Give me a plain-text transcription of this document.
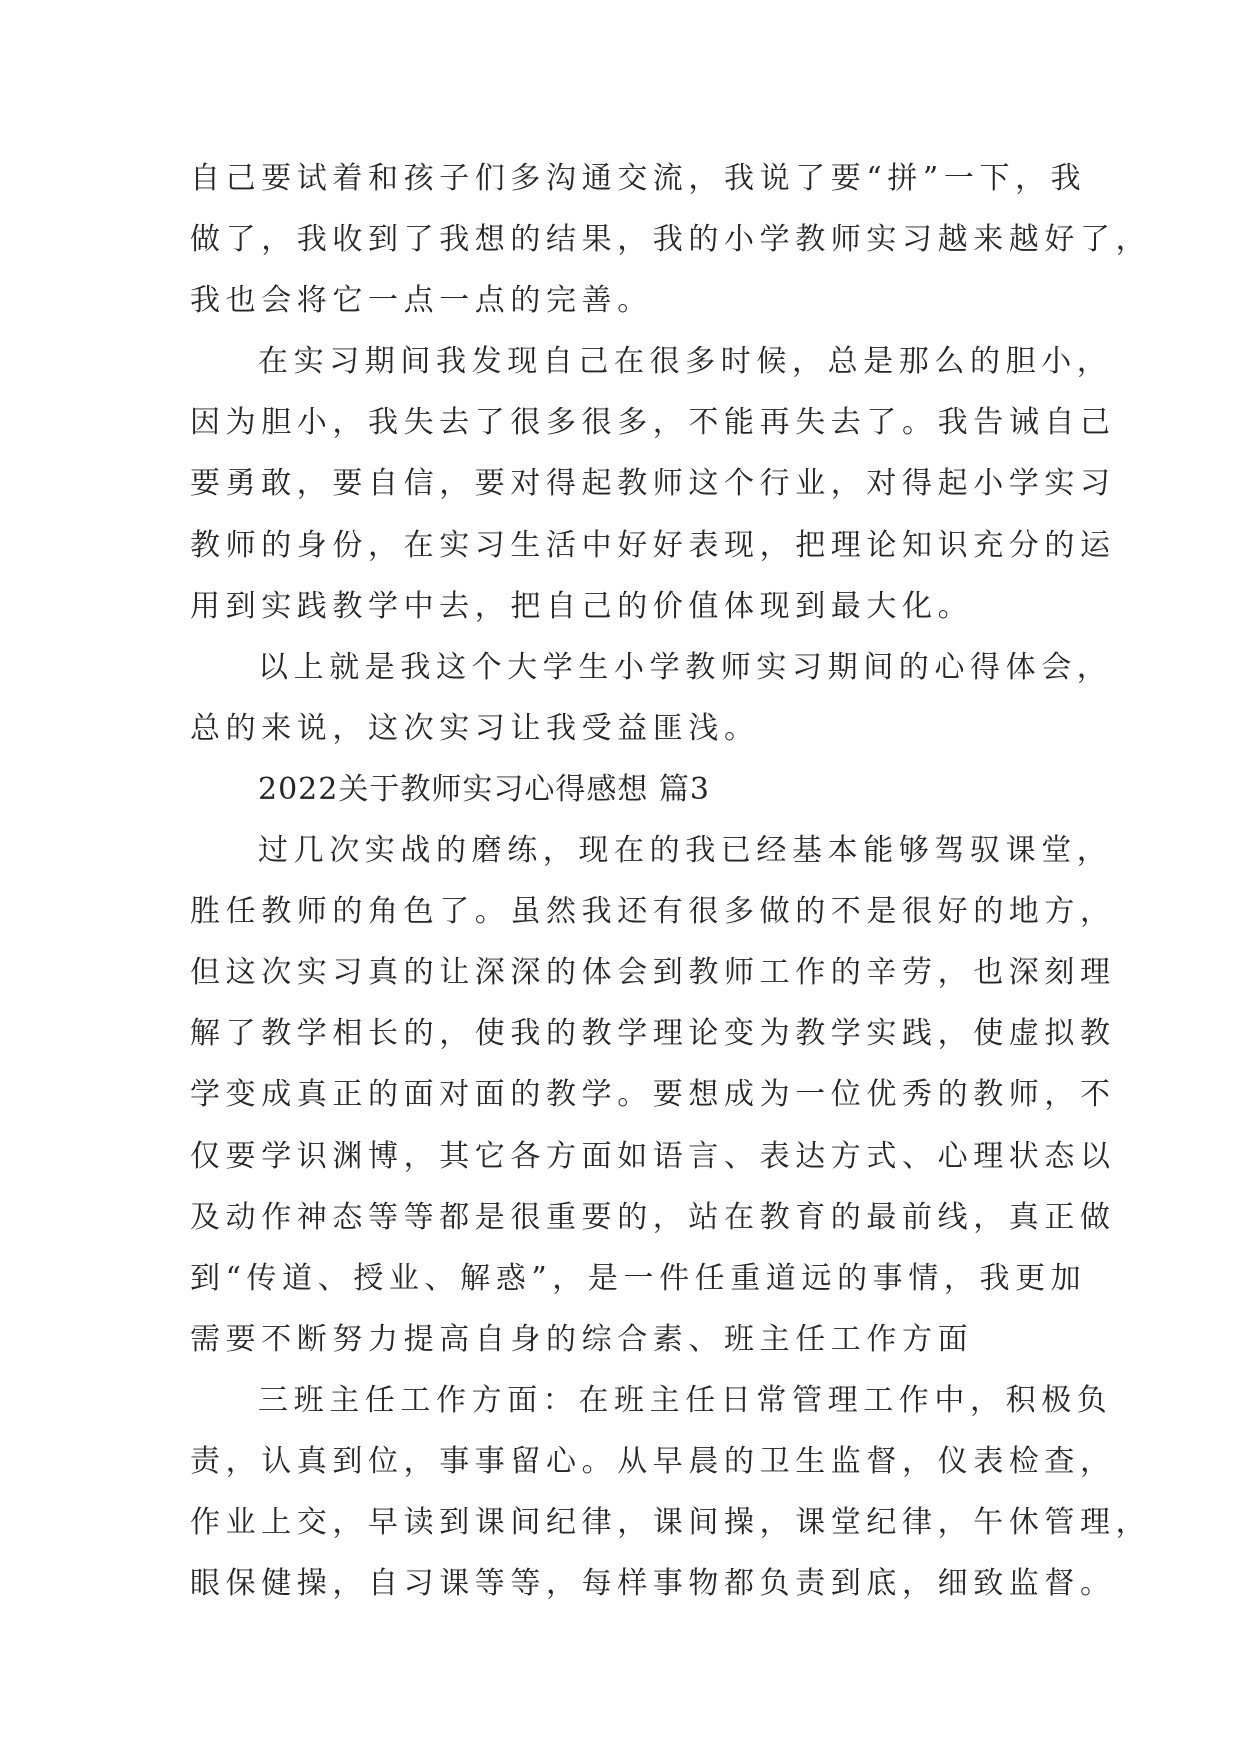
自己要试着和孩子们多沟通交流，我说了要“拼”一下，我
做了，我收到了我想的结果，我的小学教师实习越来越好了，
我也会将它一点一点的完善。
在实习期间我发现自己在很多时候，总是那么的胆小，
因为胆小，我失去了很多很多，不能再失去了。我告诫自己
要勇敢，要自信，要对得起教师这个行业，对得起小学实习
教师的身份，在实习生活中好好表现，把理论知识充分的运
用到实践教学中去，把自己的价值体现到最大化。
以上就是我这个大学生小学教师实习期间的心得体会，
总的来说，这次实习让我受益匪浅。
2022关于教师实习心得感想 篇3
过几次实战的磨练，现在的我已经基本能够驾驭课堂，
胜任教师的角色了。虽然我还有很多做的不是很好的地方，
但这次实习真的让深深的体会到教师工作的辛劳，也深刻理
解了教学相长的，使我的教学理论变为教学实践，使虚拟教
学变成真正的面对面的教学。要想成为一位优秀的教师，不
仅要学识渊博，其它各方面如语言、表达方式、心理状态以
及动作神态等等都是很重要的，站在教育的最前线，真正做
到“传道、授业、解惑”，是一件任重道远的事情，我更加
需要不断努力提高自身的综合素、班主任工作方面
三班主任工作方面：在班主任日常管理工作中，积极负
责，认真到位，事事留心。从早晨的卫生监督，仪表检查，
作业上交，早读到课间纪律，课间操，课堂纪律，午休管理，
眼保健操，自习课等等，每样事物都负责到底，细致监督。
